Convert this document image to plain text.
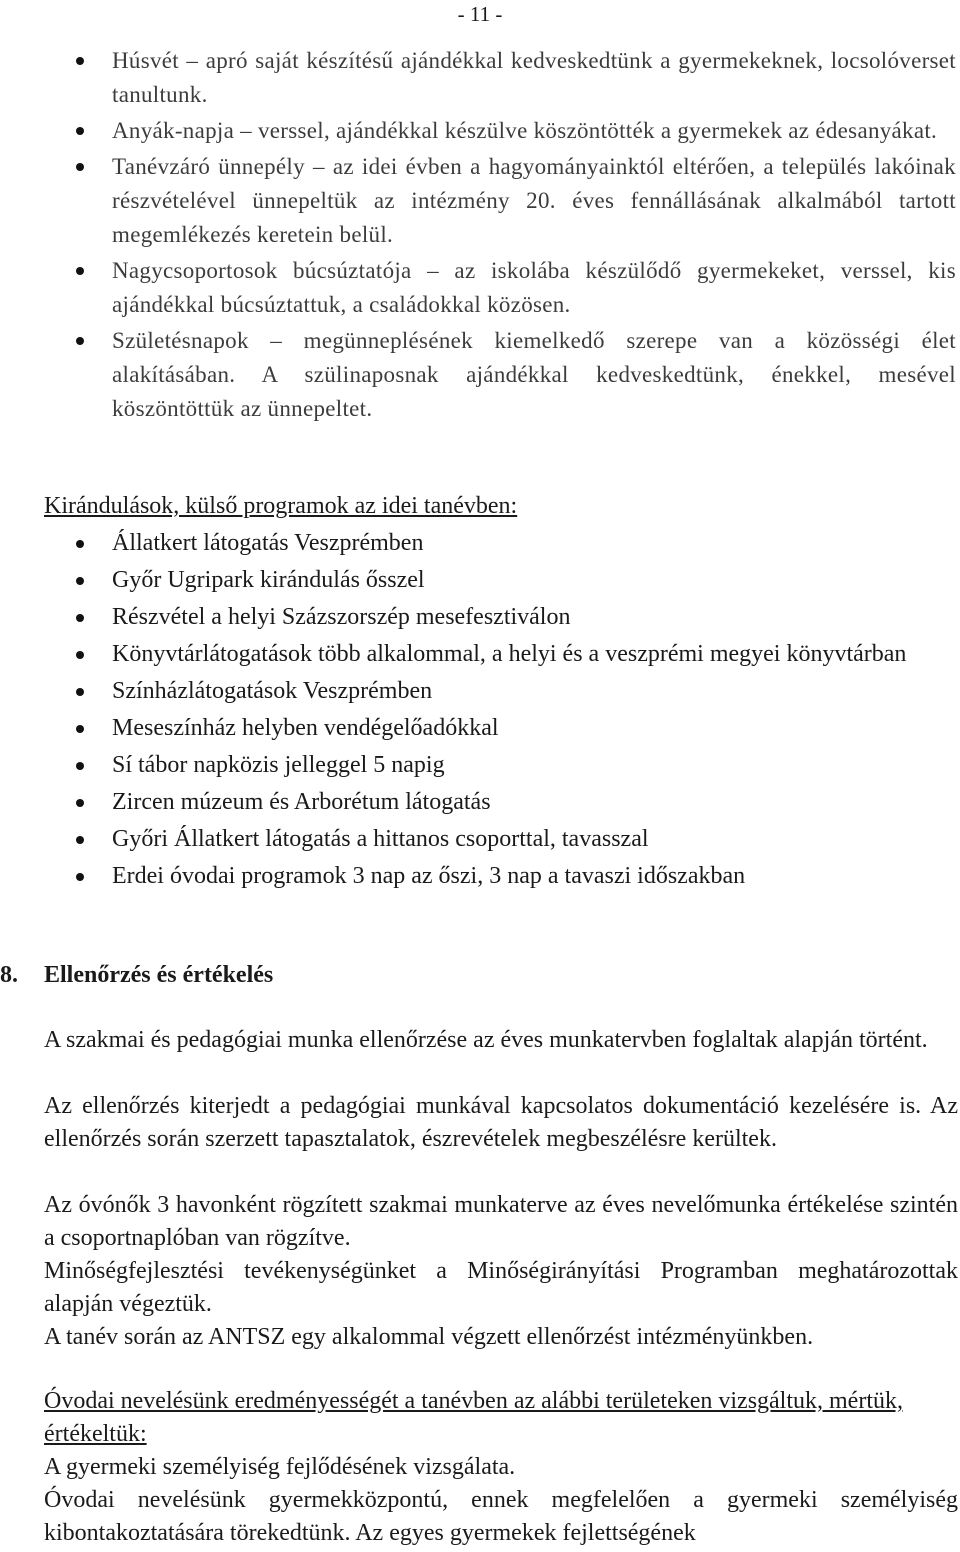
- 11 -
Húsvét – apró saját készítésű ajándékkal kedveskedtünk a gyermekeknek, locsolóverset tanultunk.
Anyák-napja – verssel, ajándékkal készülve köszöntötték a gyermekek az édesanyákat.
Tanévzáró ünnepély – az idei évben a hagyományainktól eltérően, a település lakóinak részvételével ünnepeltük az intézmény 20. éves fennállásának alkalmából tartott megemlékezés keretein belül.
Nagycsoportosok búcsúztatója – az iskolába készülődő gyermekeket, verssel, kis ajándékkal búcsúztattuk, a családokkal közösen.
Születésnapok – megünneplésének kiemelkedő szerepe van a közösségi élet alakításában. A szülinaposnak ajándékkal kedveskedtünk, énekkel, mesével köszöntöttük az ünnepeltet.
Kirándulások, külső programok az idei tanévben:
Állatkert látogatás Veszprémben
Győr Ugripark kirándulás ősszel
Részvétel a helyi Százszorszép mesefesztiválon
Könyvtárlátogatások több alkalommal, a helyi és a veszprémi megyei könyvtárban
Színházlátogatások Veszprémben
Meseszínház helyben vendégelőadókkal
Sí tábor napközis jelleggel 5 napig
Zircen múzeum és Arborétum látogatás
Győri Állatkert látogatás a hittanos csoporttal, tavasszal
Erdei óvodai programok 3 nap az őszi, 3 nap a tavaszi időszakban
8. Ellenőrzés és értékelés
A szakmai és pedagógiai munka ellenőrzése az éves munkatervben foglaltak alapján történt.
Az ellenőrzés kiterjedt a pedagógiai munkával kapcsolatos dokumentáció kezelésére is. Az ellenőrzés során szerzett tapasztalatok, észrevételek megbeszélésre kerültek.
Az óvónők 3 havonként rögzített szakmai munkaterve az éves nevelőmunka értékelése szintén a csoportnaplóban van rögzítve.
Minőségfejlesztési tevékenységünket a Minőségirányítási Programban meghatározottak alapján végeztük.
A tanév során az ANTSZ egy alkalommal végzett ellenőrzést intézményünkben.
Óvodai nevelésünk eredményességét a tanévben az alábbi területeken vizsgáltuk, mértük, értékeltük:
A gyermeki személyiség fejlődésének vizsgálata.
Óvodai nevelésünk gyermekközpontú, ennek megfelelően a gyermeki személyiség kibontakoztatására törekedtünk. Az egyes gyermekek fejlettségének
